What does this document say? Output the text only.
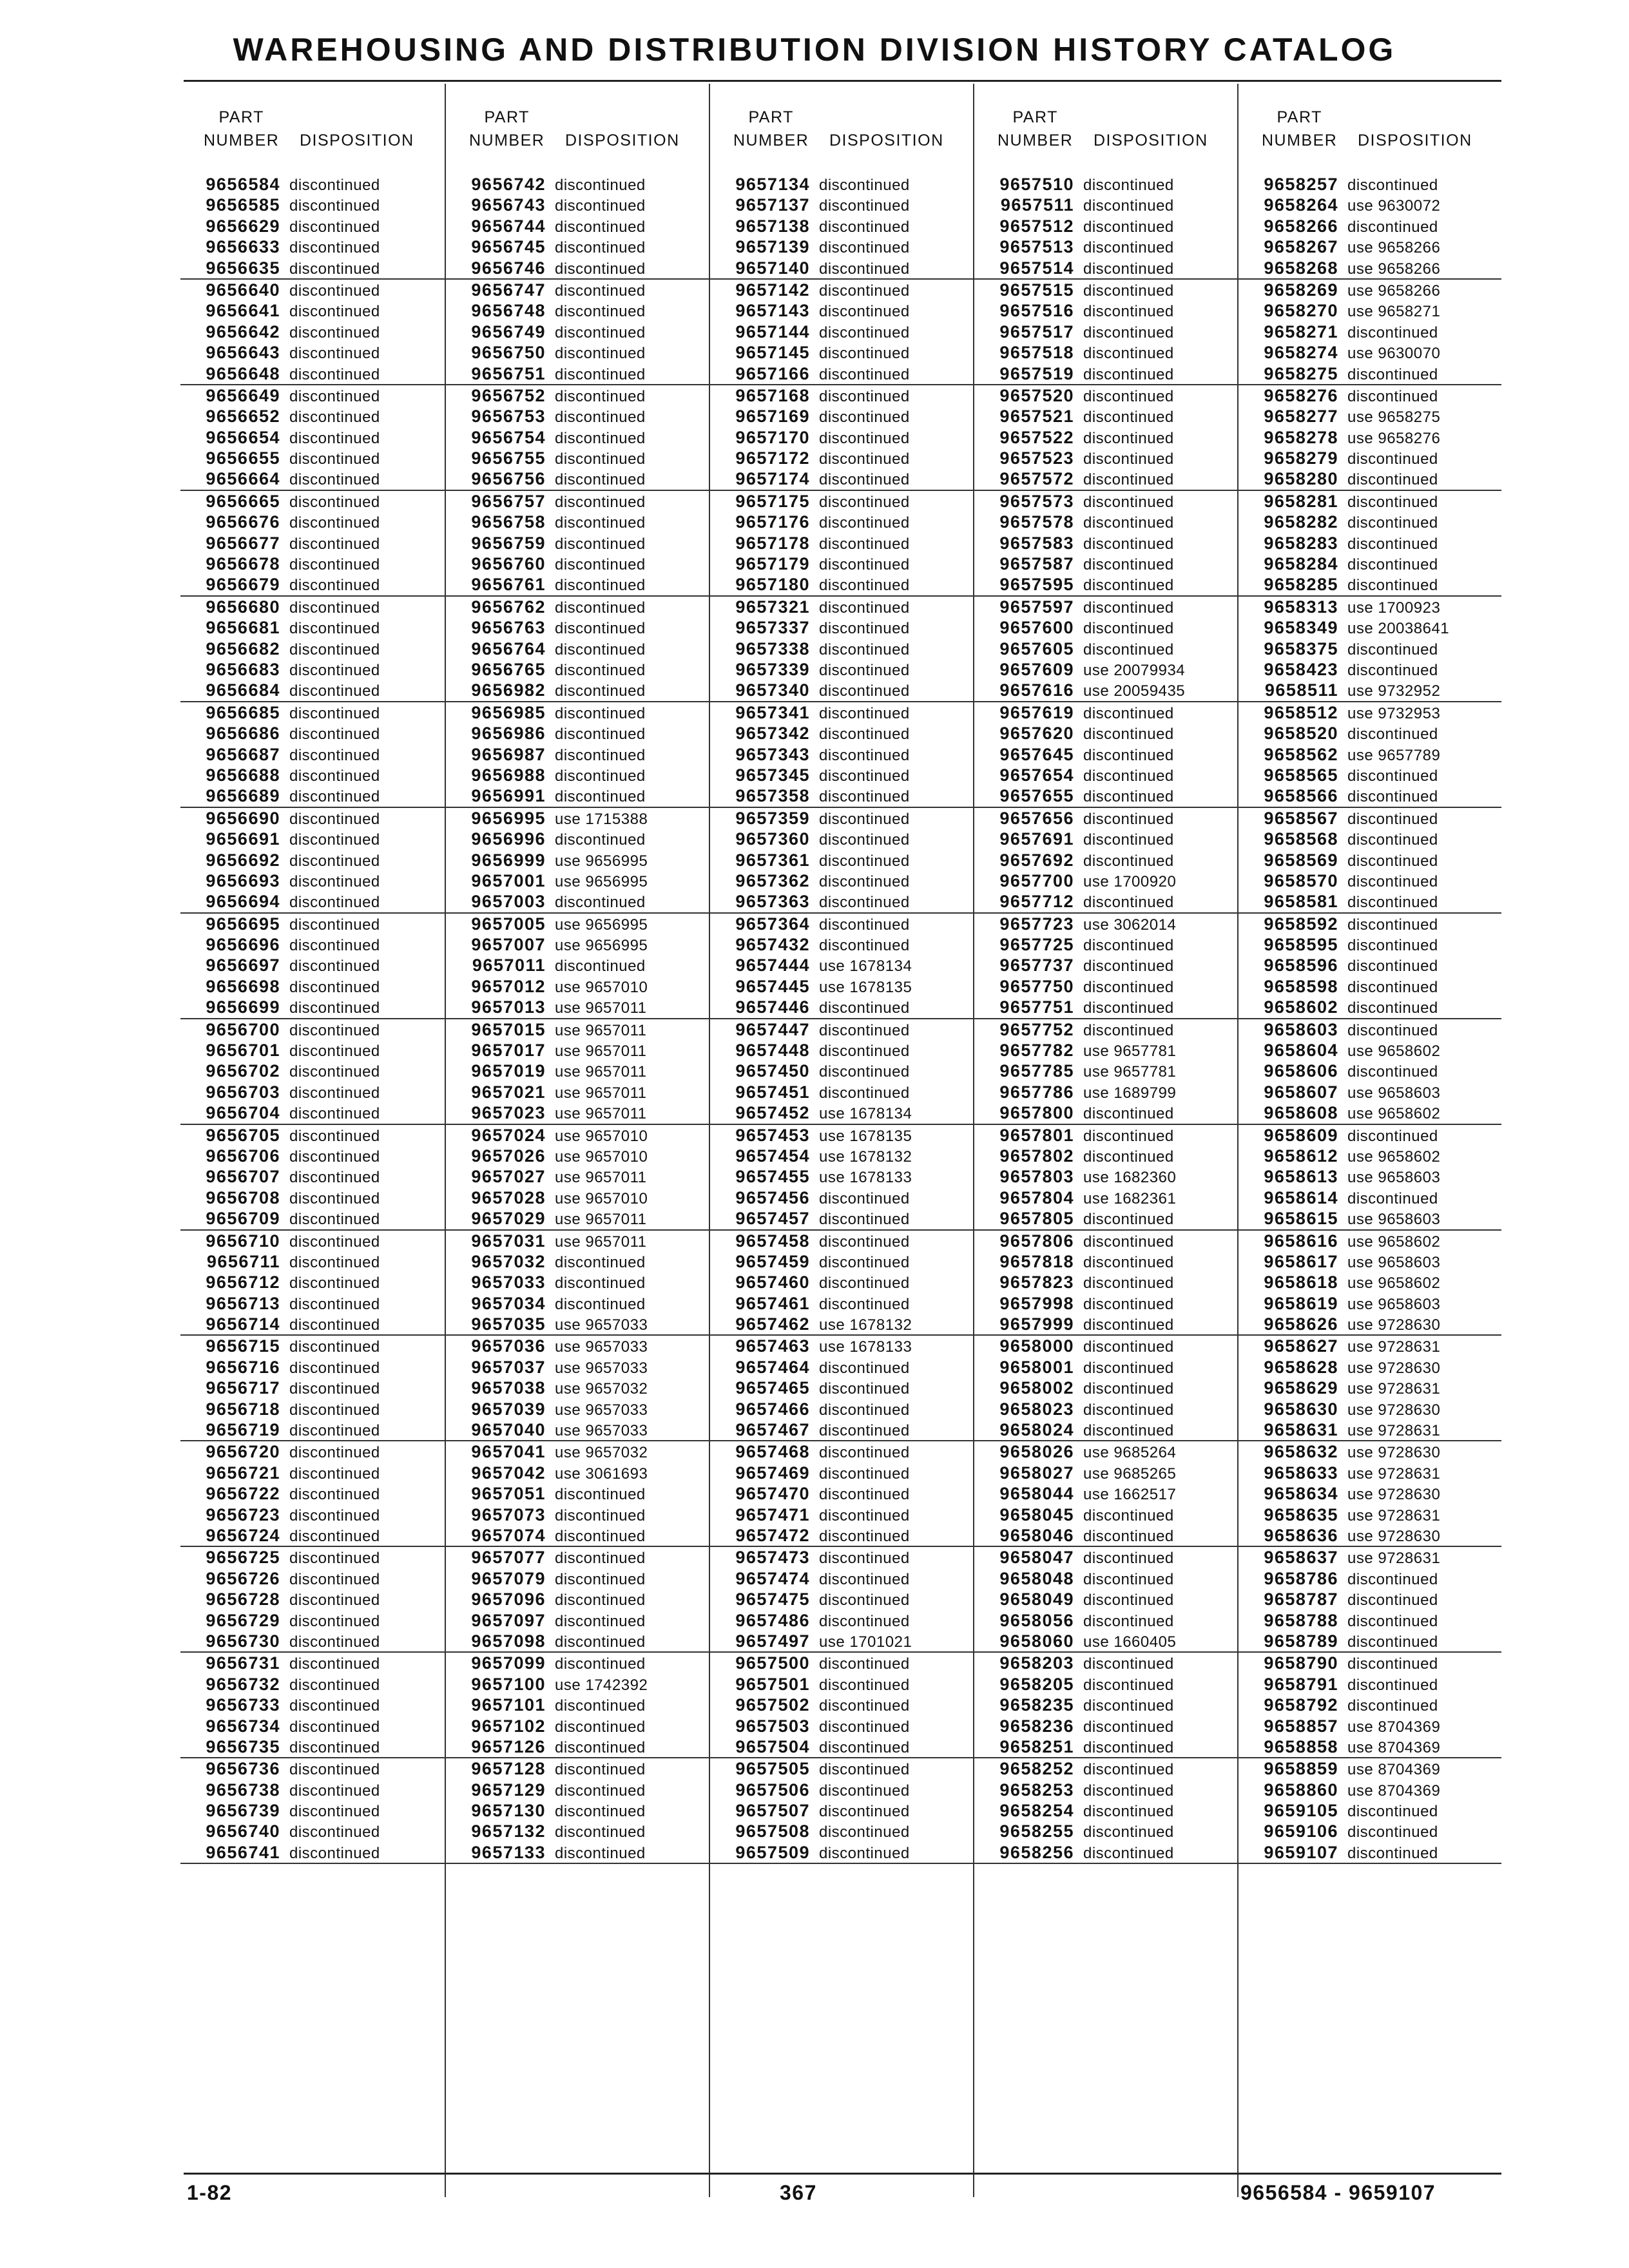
WAREHOUSING AND DISTRIBUTION DIVISION HISTORY CATALOG
PART
NUMBER DISPOSITION
9656584 discontinued
9656585 discontinued
9656629 discontinued
9656633 discontinued
9656635 discontinued
9656640 discontinued
9656641 discontinued
9656642 discontinued
9656643 discontinued
9656648 discontinued
9656649 discontinued
9656652 discontinued
9656654 discontinued
9656655 discontinued
9656664 discontinued
9656665 discontinued
9656676 discontinued
9656677 discontinued
9656678 discontinued
9656679 discontinued
9656680 discontinued
9656681 discontinued
9656682 discontinued
9656683 discontinued
9656684 discontinued
9656685 discontinued
9656686 discontinued
9656687 discontinued
9656688 discontinued
9656689 discontinued
9656690 discontinued
9656691 discontinued
9656692 discontinued
9656693 discontinued
9656694 discontinued
9656695 discontinued
9656696 discontinued
9656697 discontinued
9656698 discontinued
9656699 discontinued
9656700 discontinued
9656701 discontinued
9656702 discontinued
9656703 discontinued
9656704 discontinued
9656705 discontinued
9656706 discontinued
9656707 discontinued
9656708 discontinued
9656709 discontinued
9656710 discontinued
9656711 discontinued
9656712 discontinued
9656713 discontinued
9656714 discontinued
9656715 discontinued
9656716 discontinued
9656717 discontinued
9656718 discontinued
9656719 discontinued
9656720 discontinued
9656721 discontinued
9656722 discontinued
9656723 discontinued
9656724 discontinued
9656725 discontinued
9656726 discontinued
9656728 discontinued
9656729 discontinued
9656730 discontinued
9656731 discontinued
9656732 discontinued
9656733 discontinued
9656734 discontinued
9656735 discontinued
9656736 discontinued
9656738 discontinued
9656739 discontinued
9656740 discontinued
9656741 discontinued
PART
NUMBER DISPOSITION
9656742 discontinued
9656743 discontinued
9656744 discontinued
9656745 discontinued
9656746 discontinued
9656747 discontinued
9656748 discontinued
9656749 discontinued
9656750 discontinued
9656751 discontinued
9656752 discontinued
9656753 discontinued
9656754 discontinued
9656755 discontinued
9656756 discontinued
9656757 discontinued
9656758 discontinued
9656759 discontinued
9656760 discontinued
9656761 discontinued
9656762 discontinued
9656763 discontinued
9656764 discontinued
9656765 discontinued
9656982 discontinued
9656985 discontinued
9656986 discontinued
9656987 discontinued
9656988 discontinued
9656991 discontinued
9656995 use 1715388
9656996 discontinued
9656999 use 9656995
9657001 use 9656995
9657003 discontinued
9657005 use 9656995
9657007 use 9656995
9657011 discontinued
9657012 use 9657010
9657013 use 9657011
9657015 use 9657011
9657017 use 9657011
9657019 use 9657011
9657021 use 9657011
9657023 use 9657011
9657024 use 9657010
9657026 use 9657010
9657027 use 9657011
9657028 use 9657010
9657029 use 9657011
9657031 use 9657011
9657032 discontinued
9657033 discontinued
9657034 discontinued
9657035 use 9657033
9657036 use 9657033
9657037 use 9657033
9657038 use 9657032
9657039 use 9657033
9657040 use 9657033
9657041 use 9657032
9657042 use 3061693
9657051 discontinued
9657073 discontinued
9657074 discontinued
9657077 discontinued
9657079 discontinued
9657096 discontinued
9657097 discontinued
9657098 discontinued
9657099 discontinued
9657100 use 1742392
9657101 discontinued
9657102 discontinued
9657126 discontinued
9657128 discontinued
9657129 discontinued
9657130 discontinued
9657132 discontinued
9657133 discontinued
PART
NUMBER DISPOSITION
9657134 discontinued
9657137 discontinued
9657138 discontinued
9657139 discontinued
9657140 discontinued
9657142 discontinued
9657143 discontinued
9657144 discontinued
9657145 discontinued
9657166 discontinued
9657168 discontinued
9657169 discontinued
9657170 discontinued
9657172 discontinued
9657174 discontinued
9657175 discontinued
9657176 discontinued
9657178 discontinued
9657179 discontinued
9657180 discontinued
9657321 discontinued
9657337 discontinued
9657338 discontinued
9657339 discontinued
9657340 discontinued
9657341 discontinued
9657342 discontinued
9657343 discontinued
9657345 discontinued
9657358 discontinued
9657359 discontinued
9657360 discontinued
9657361 discontinued
9657362 discontinued
9657363 discontinued
9657364 discontinued
9657432 discontinued
9657444 use 1678134
9657445 use 1678135
9657446 discontinued
9657447 discontinued
9657448 discontinued
9657450 discontinued
9657451 discontinued
9657452 use 1678134
9657453 use 1678135
9657454 use 1678132
9657455 use 1678133
9657456 discontinued
9657457 discontinued
9657458 discontinued
9657459 discontinued
9657460 discontinued
9657461 discontinued
9657462 use 1678132
9657463 use 1678133
9657464 discontinued
9657465 discontinued
9657466 discontinued
9657467 discontinued
9657468 discontinued
9657469 discontinued
9657470 discontinued
9657471 discontinued
9657472 discontinued
9657473 discontinued
9657474 discontinued
9657475 discontinued
9657486 discontinued
9657497 use 1701021
9657500 discontinued
9657501 discontinued
9657502 discontinued
9657503 discontinued
9657504 discontinued
9657505 discontinued
9657506 discontinued
9657507 discontinued
9657508 discontinued
9657509 discontinued
PART
NUMBER DISPOSITION
9657510 discontinued
9657511 discontinued
9657512 discontinued
9657513 discontinued
9657514 discontinued
9657515 discontinued
9657516 discontinued
9657517 discontinued
9657518 discontinued
9657519 discontinued
9657520 discontinued
9657521 discontinued
9657522 discontinued
9657523 discontinued
9657572 discontinued
9657573 discontinued
9657578 discontinued
9657583 discontinued
9657587 discontinued
9657595 discontinued
9657597 discontinued
9657600 discontinued
9657605 discontinued
9657609 use 20079934
9657616 use 20059435
9657619 discontinued
9657620 discontinued
9657645 discontinued
9657654 discontinued
9657655 discontinued
9657656 discontinued
9657691 discontinued
9657692 discontinued
9657700 use 1700920
9657712 discontinued
9657723 use 3062014
9657725 discontinued
9657737 discontinued
9657750 discontinued
9657751 discontinued
9657752 discontinued
9657782 use 9657781
9657785 use 9657781
9657786 use 1689799
9657800 discontinued
9657801 discontinued
9657802 discontinued
9657803 use 1682360
9657804 use 1682361
9657805 discontinued
9657806 discontinued
9657818 discontinued
9657823 discontinued
9657998 discontinued
9657999 discontinued
9658000 discontinued
9658001 discontinued
9658002 discontinued
9658023 discontinued
9658024 discontinued
9658026 use 9685264
9658027 use 9685265
9658044 use 1662517
9658045 discontinued
9658046 discontinued
9658047 discontinued
9658048 discontinued
9658049 discontinued
9658056 discontinued
9658060 use 1660405
9658203 discontinued
9658205 discontinued
9658235 discontinued
9658236 discontinued
9658251 discontinued
9658252 discontinued
9658253 discontinued
9658254 discontinued
9658255 discontinued
9658256 discontinued
PART
NUMBER DISPOSITION
9658257 discontinued
9658264 use 9630072
9658266 discontinued
9658267 use 9658266
9658268 use 9658266
9658269 use 9658266
9658270 use 9658271
9658271 discontinued
9658274 use 9630070
9658275 discontinued
9658276 discontinued
9658277 use 9658275
9658278 use 9658276
9658279 discontinued
9658280 discontinued
9658281 discontinued
9658282 discontinued
9658283 discontinued
9658284 discontinued
9658285 discontinued
9658313 use 1700923
9658349 use 20038641
9658375 discontinued
9658423 discontinued
9658511 use 9732952
9658512 use 9732953
9658520 discontinued
9658562 use 9657789
9658565 discontinued
9658566 discontinued
9658567 discontinued
9658568 discontinued
9658569 discontinued
9658570 discontinued
9658581 discontinued
9658592 discontinued
9658595 discontinued
9658596 discontinued
9658598 discontinued
9658602 discontinued
9658603 discontinued
9658604 use 9658602
9658606 discontinued
9658607 use 9658603
9658608 use 9658602
9658609 discontinued
9658612 use 9658602
9658613 use 9658603
9658614 discontinued
9658615 use 9658603
9658616 use 9658602
9658617 use 9658603
9658618 use 9658602
9658619 use 9658603
9658626 use 9728630
9658627 use 9728631
9658628 use 9728630
9658629 use 9728631
9658630 use 9728630
9658631 use 9728631
9658632 use 9728630
9658633 use 9728631
9658634 use 9728630
9658635 use 9728631
9658636 use 9728630
9658637 use 9728631
9658786 discontinued
9658787 discontinued
9658788 discontinued
9658789 discontinued
9658790 discontinued
9658791 discontinued
9658792 discontinued
9658857 use 8704369
9658858 use 8704369
9658859 use 8704369
9658860 use 8704369
9659105 discontinued
9659106 discontinued
9659107 discontinued
1-82	367	9656584 - 9659107
